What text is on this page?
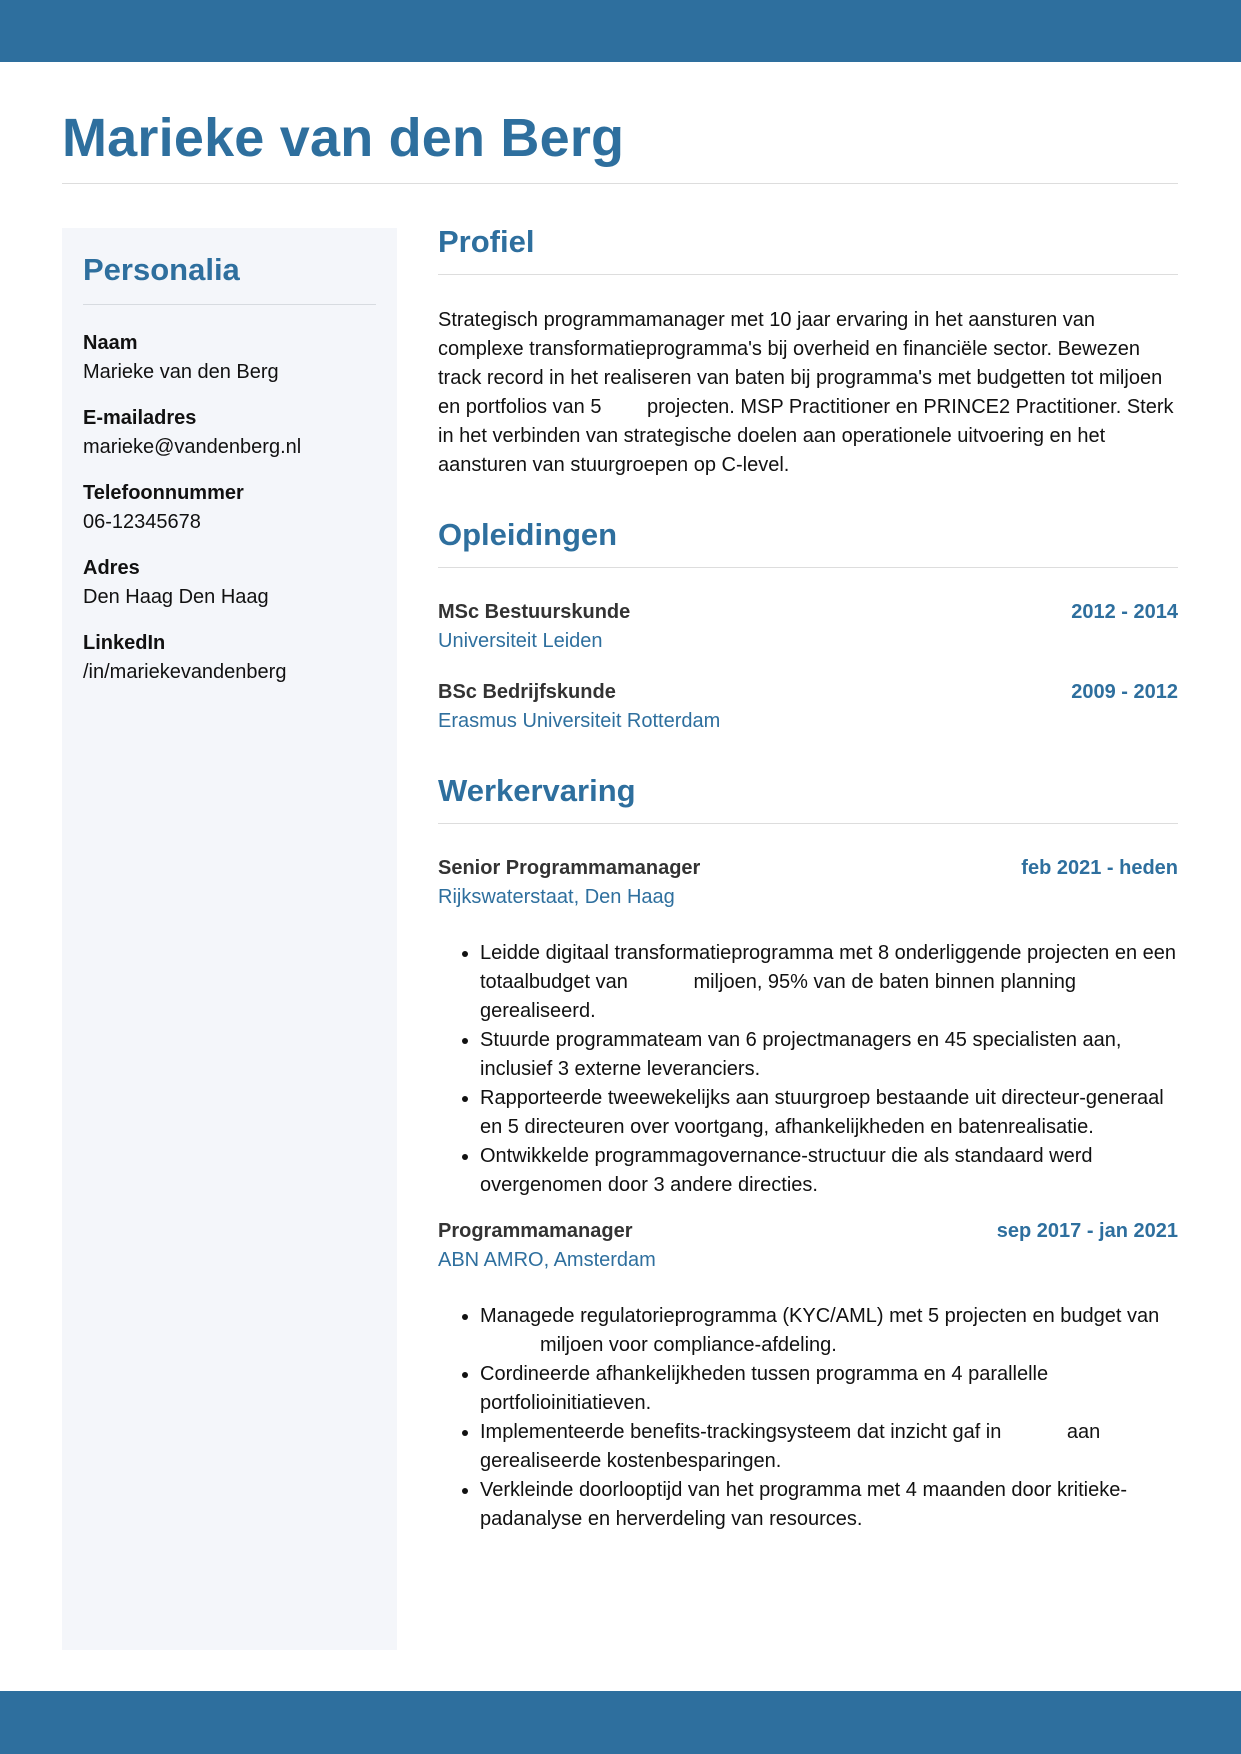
Marieke van den Berg
Personalia
Naam
Marieke van den Berg
E-mailadres
marieke@vandenberg.nl
Telefoonnummer
06-12345678
Adres
Den Haag Den Haag
LinkedIn
/in/mariekevandenberg
Profiel

Strategisch programmamanager met 10 jaar ervaring in het aansturen van complexe transformatieprogramma's bij overheid en financiële sector. Bewezen track record in het realiseren van baten bij programma's met budgetten tot miljoen en portfolios van 5   projecten. MSP Practitioner en PRINCE2 Practitioner. Sterk in het verbinden van strategische doelen aan operationele uitvoering en het aansturen van stuurgroepen op C-level.

Opleidingen
MSc Bestuurskunde	2012 - 2014
Universiteit Leiden
BSc Bedrijfskunde	2009 - 2012
Erasmus Universiteit Rotterdam
Werkervaring
Senior Programmamanager	feb 2021 - heden
Rijkswaterstaat, Den Haag
• Leidde digitaal transformatieprogramma met 8 onderliggende projecten en een totaalbudget van    miljoen, 95% van de baten binnen planning gerealiseerd.
• Stuurde programmateam van 6 projectmanagers en 45 specialisten aan, inclusief 3 externe leveranciers.
• Rapporteerde tweewekelijks aan stuurgroep bestaande uit directeur-generaal en 5 directeuren over voortgang, afhankelijkheden en batenrealisatie.
• Ontwikkelde programmagovernance-structuur die als standaard werd overgenomen door 3 andere directies.
Programmamanager	sep 2017 - jan 2021
ABN AMRO, Amsterdam
• Managede regulatorieprogramma (KYC/AML) met 5 projecten en budget van    miljoen voor compliance-afdeling.
• Cordineerde afhankelijkheden tussen programma en 4 parallelle portfolioinitiatieven.
• Implementeerde benefits-trackingsysteem dat inzicht gaf in    aan gerealiseerde kostenbesparingen.
• Verkleinde doorlooptijd van het programma met 4 maanden door kritieke-padanalyse en herverdeling van resources.
